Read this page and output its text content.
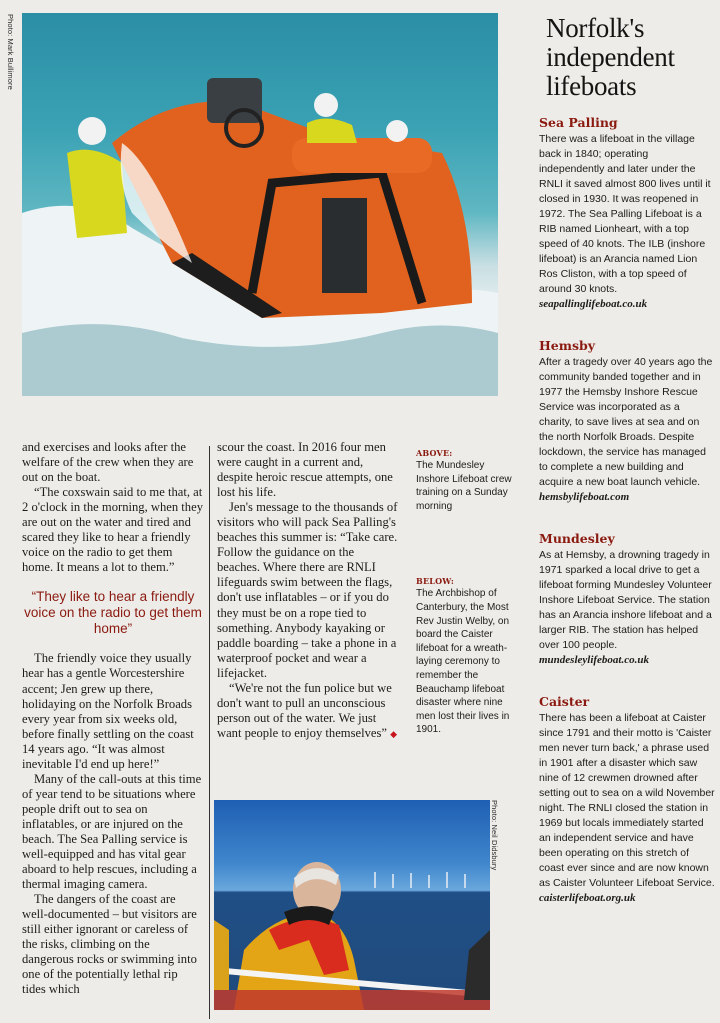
Photo: Mark Bullimore
Photo: Neil Didsbury
Norfolk's independent lifeboats
Sea Palling

There was a lifeboat in the village back in 1840; operating independently and later under the RNLI it saved almost 800 lives until it closed in 1930. It was reopened in 1972. The Sea Palling Lifeboat is a RIB named Lionheart, with a top speed of 40 knots. The ILB (inshore lifeboat) is an Arancia named Lion Ros Cliston, with a top speed of around 30 knots.

seapallinglifeboat.co.uk
Hemsby

After a tragedy over 40 years ago the community banded together and in 1977 the Hemsby Inshore Rescue Service was incorporated as a charity, to save lives at sea and on the north Norfolk Broads. Despite lockdown, the service has managed to complete a new building and acquire a new boat launch vehicle.

hemsbylifeboat.com
Mundesley

As at Hemsby, a drowning tragedy in 1971 sparked a local drive to get a lifeboat forming Mundesley Volunteer Inshore Lifeboat Service. The station has an Arancia inshore lifeboat and a larger RIB. The station has helped over 100 people.

mundesleylifeboat.co.uk
Caister

There has been a lifeboat at Caister since 1791 and their motto is 'Caister men never turn back,' a phrase used in 1901 after a disaster which saw nine of 12 crewmen drowned after setting out to sea on a wild November night. The RNLI closed the station in 1969 but locals immediately started an independent service and have been operating on this stretch of coast ever since and are now known as Caister Volunteer Lifeboat Service.

caisterlifeboat.org.uk

and exercises and looks after the welfare of the crew when they are out on the boat.

“The coxswain said to me that, at 2 o'clock in the morning, when they are out on the water and tired and scared they like to hear a friendly voice on the radio to get them home. It means a lot to them.”

“They like to hear a friendly voice on the radio to get them home”

The friendly voice they usually hear has a gentle Worcestershire accent; Jen grew up there, holidaying on the Norfolk Broads every year from six weeks old, before finally settling on the coast 14 years ago. “It was almost inevitable I'd end up here!”

Many of the call-outs at this time of year tend to be situations where people drift out to sea on inflatables, or are injured on the beach. The Sea Palling service is well-equipped and has vital gear aboard to help rescues, including a thermal imaging camera.

The dangers of the coast are well-documented – but visitors are still either ignorant or careless of the risks, climbing on the dangerous rocks or swimming into one of the potentially lethal rip tides which

scour the coast. In 2016 four men were caught in a current and, despite heroic rescue attempts, one lost his life.

Jen's message to the thousands of visitors who will pack Sea Palling's beaches this summer is: “Take care. Follow the guidance on the beaches. Where there are RNLI lifeguards swim between the flags, don't use inflatables – or if you do they must be on a rope tied to something. Anybody kayaking or paddle boarding – take a phone in a waterproof pocket and wear a lifejacket.

“We're not the fun police but we don't want to pull an unconscious person out of the water. We just want people to enjoy themselves” ◆

ABOVE:

The Mundesley Inshore Lifeboat crew training on a Sunday morning

BELOW:

The Archbishop of Canterbury, the Most Rev Justin Welby, on board the Caister lifeboat for a wreath-laying ceremony to remember the Beauchamp lifeboat disaster where nine men lost their lives in 1901.
